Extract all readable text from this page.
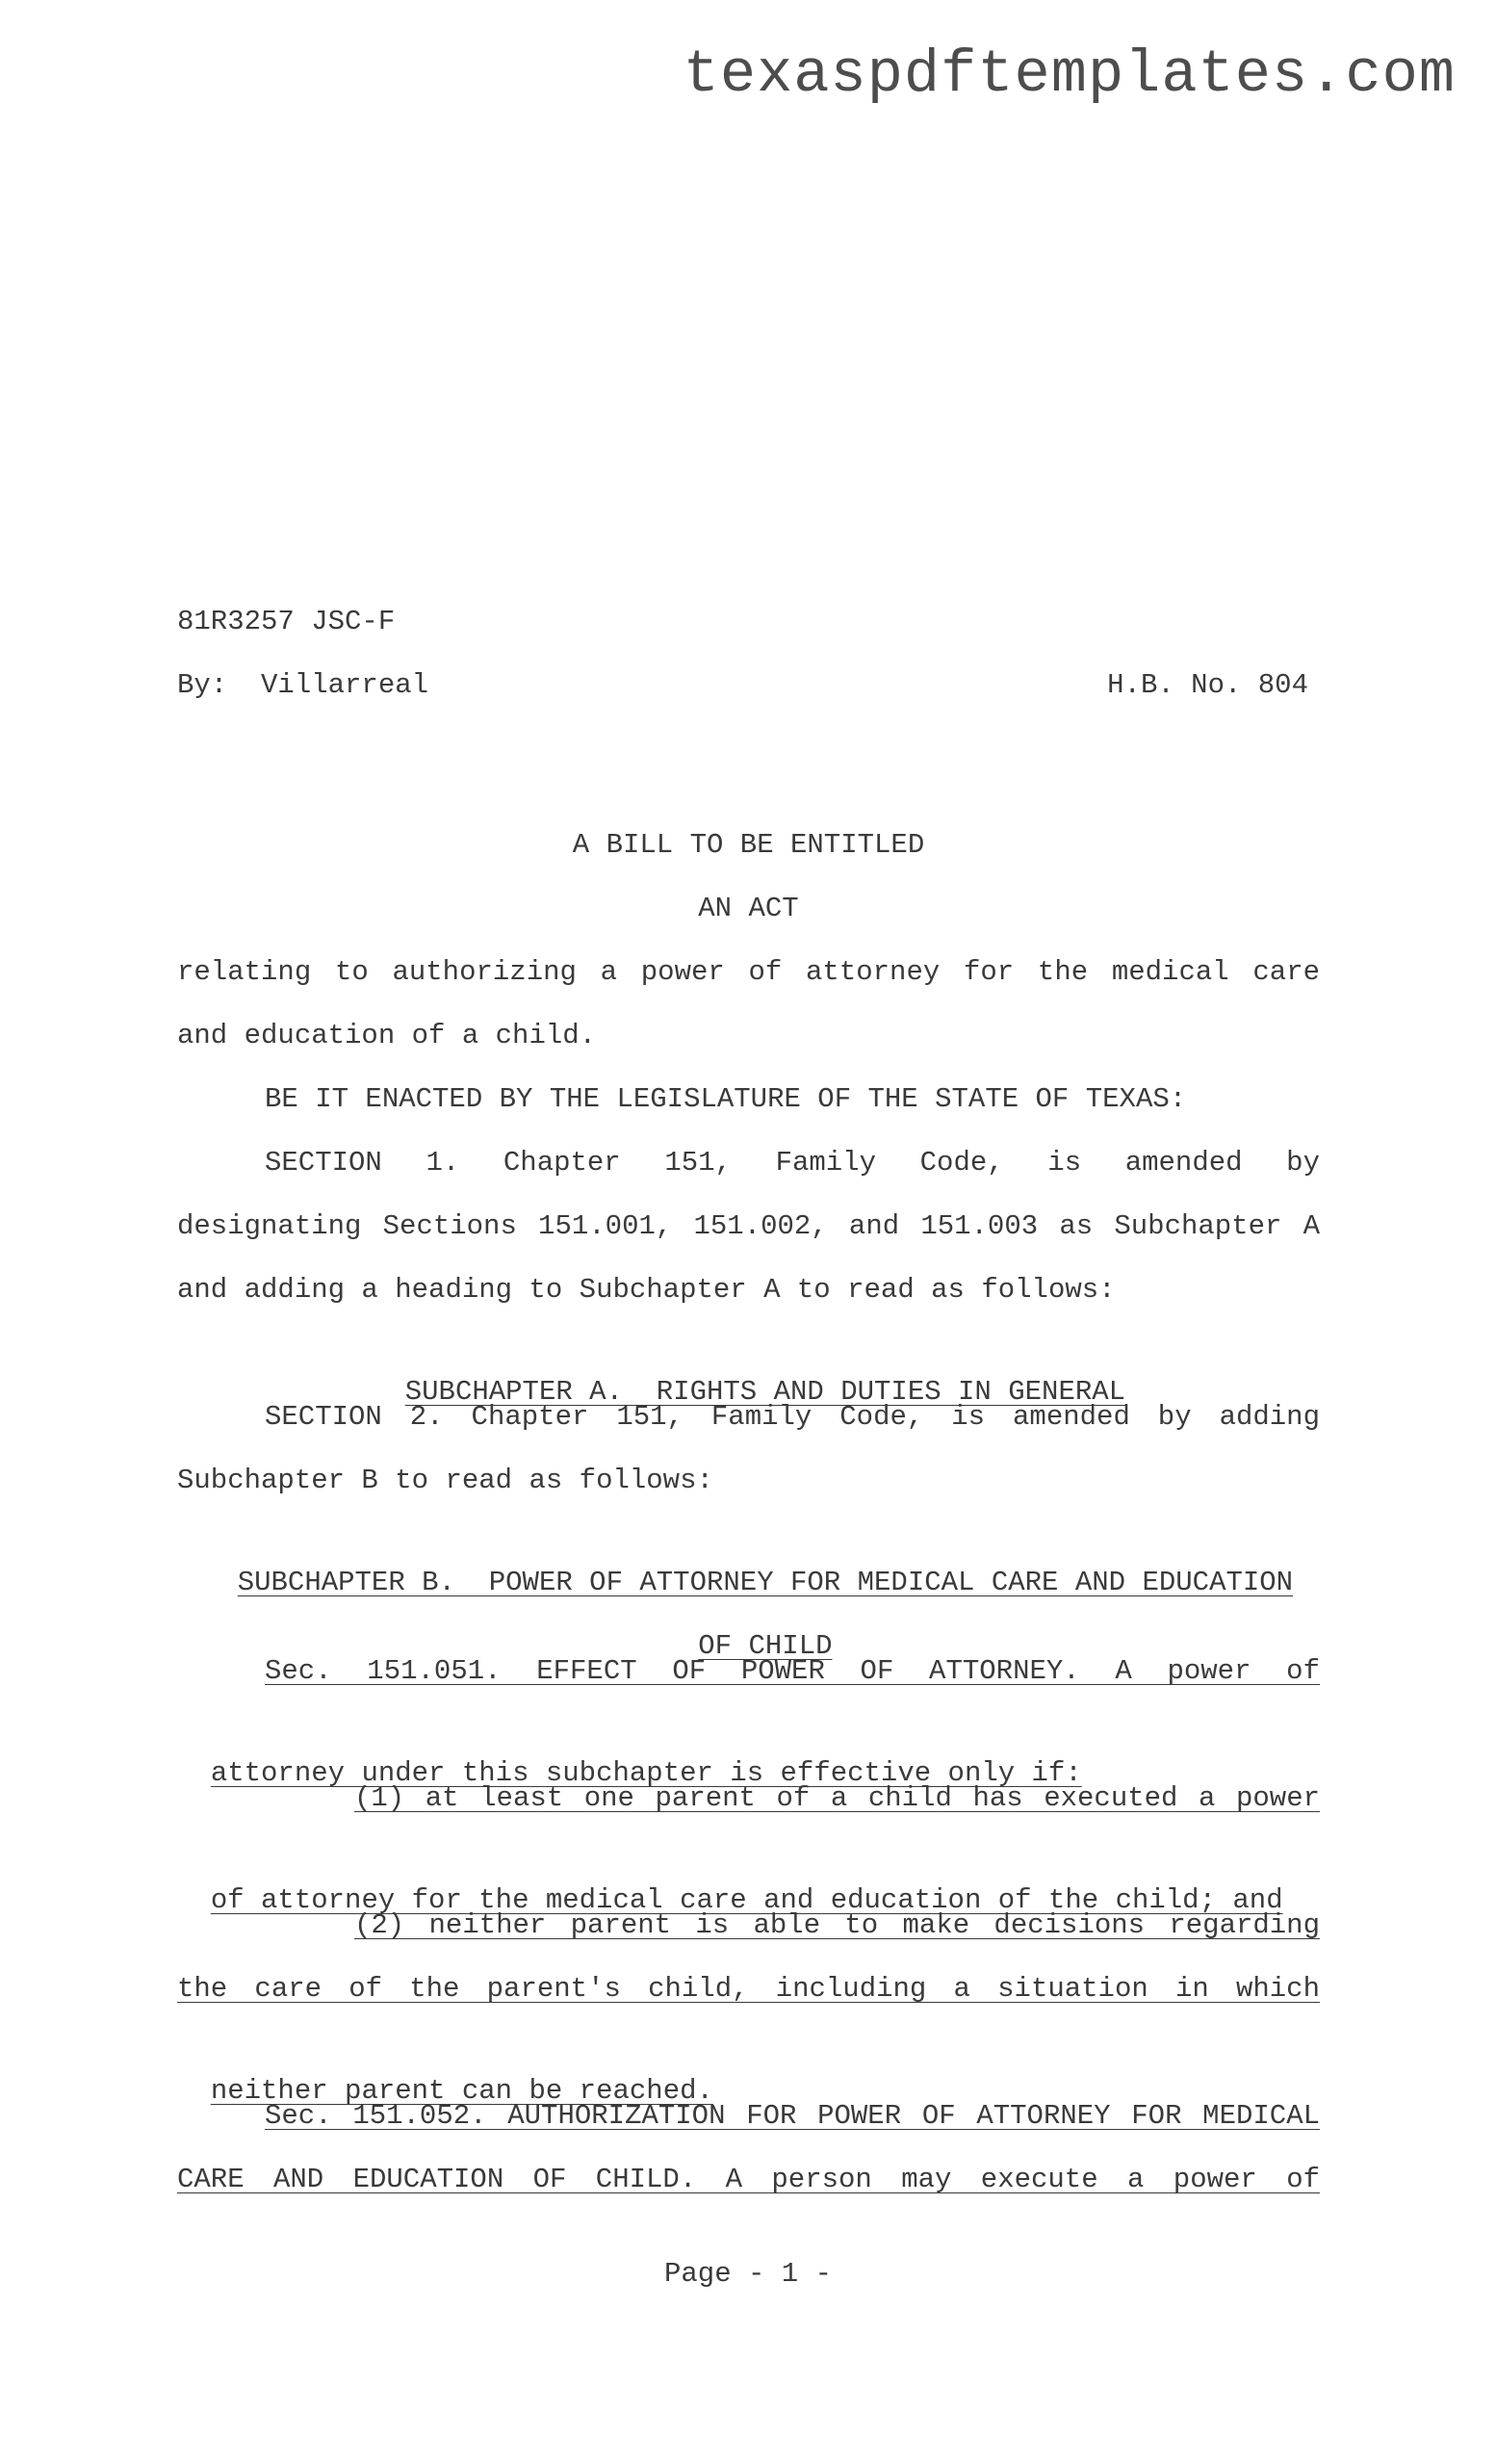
texaspdftemplates.com
81R3257 JSC-F
By:  Villarreal	H.B. No. 804
A BILL TO BE ENTITLED
AN ACT
relating to authorizing a power of attorney for the medical care
and education of a child.
BE IT ENACTED BY THE LEGISLATURE OF THE STATE OF TEXAS:
SECTION 1. Chapter 151, Family Code, is amended by
designating Sections 151.001, 151.002, and 151.003 as Subchapter A
and adding a heading to Subchapter A to read as follows:

SUBCHAPTER A.  RIGHTS AND DUTIES IN GENERAL

SECTION 2. Chapter 151, Family Code, is amended by adding
Subchapter B to read as follows:

SUBCHAPTER B.  POWER OF ATTORNEY FOR MEDICAL CARE AND EDUCATION

OF CHILD

Sec. 151.051. EFFECT OF POWER OF ATTORNEY. A power of

attorney under this subchapter is effective only if:

(1) at least one parent of a child has executed a power

of attorney for the medical care and education of the child; and

(2) neither parent is able to make decisions regarding
the care of the parent's child, including a situation in which

neither parent can be reached.

Sec. 151.052. AUTHORIZATION FOR POWER OF ATTORNEY FOR MEDICAL
CARE AND EDUCATION OF CHILD. A person may execute a power of
Page - 1 -
